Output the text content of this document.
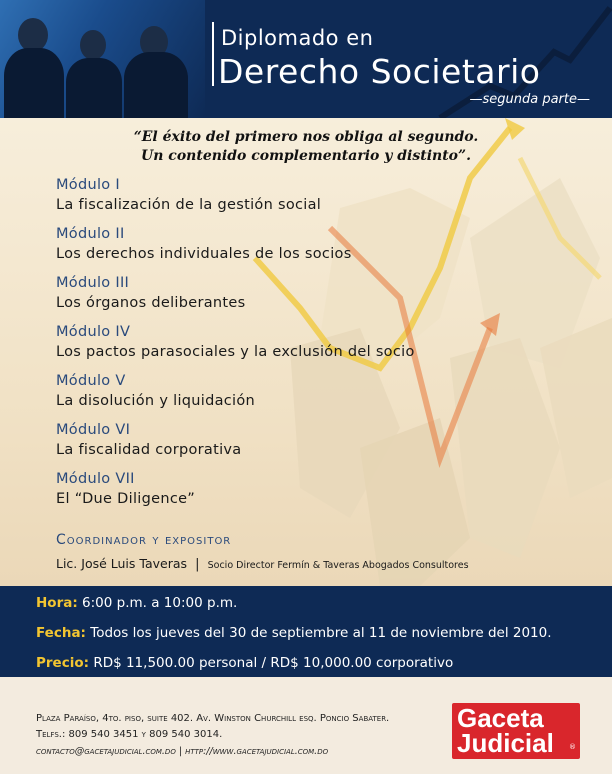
Diplomado en
Derecho Societario
—segunda parte—
“El éxito del primero nos obliga al segundo.
Un contenido complementario y distinto”.
Módulo I
La fiscalización de la gestión social
Módulo II
Los derechos individuales de los socios
Módulo III
Los órganos deliberantes
Módulo IV
Los pactos parasociales y la exclusión del socio
Módulo V
La disolución y liquidación
Módulo VI
La fiscalidad corporativa
Módulo VII
El “Due Diligence”
Coordinador y expositor
Lic. José Luis Taveras | Socio Director Fermín & Taveras Abogados Consultores
Hora: 6:00 p.m. a 10:00 p.m.
Fecha: Todos los jueves del 30 de septiembre al 11 de noviembre del 2010.
Precio: RD$ 11,500.00 personal / RD$ 10,000.00 corporativo
Plaza Paraíso, 4to. piso, suite 402. Av. Winston Churchill esq. Poncio Sabater.
Telfs.: 809 540 3451 y 809 540 3014.
contacto@gacetajudicial.com.do | http://www.gacetajudicial.com.do
Gaceta
Judicial ®
